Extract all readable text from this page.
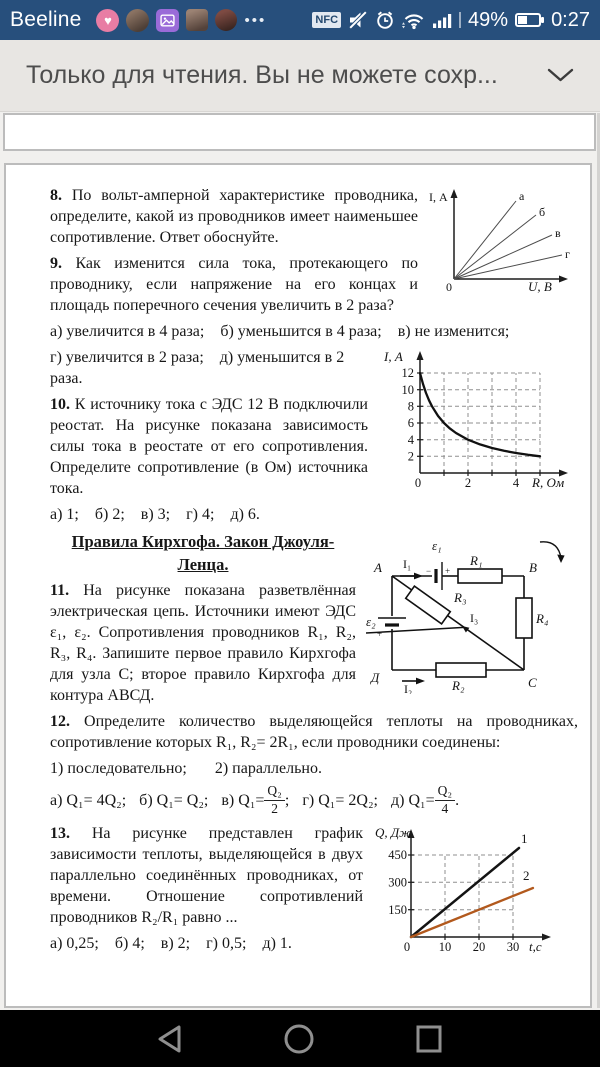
Beeline ♥	•••	NFC	49% 0:27
Только для чтения. Вы не можете сохр...
I, А	а
б
в
г
0	U, В

8. По вольт-амперной характеристике проводника, определите, какой из проводников имеет наименьшее сопротивление. Ответ обоснуйте.

9. Как изменится сила тока, протекающего по проводнику, если напряжение на его концах и площадь поперечного сечения увеличить в 2 раза?

а) увеличится в 4 раза; б) уменьшится в 4 раза; в) не изменится;

I, А
12
10
8
6
4
2
0	2	4 R, Ом

г) увеличится в 2 раза; д) уменьшится в 2 раза.

10. К источнику тока с ЭДС 12 В подключили реостат. На рисунке показана зависимость силы тока в реостате от его сопротивления. Определите сопротивление (в Ом) источника тока.

а) 1; б) 2; в) 3; г) 4; д) 6.

А	В
С
Д
ε₁
ε₂
− +
+
R₁
R₂
R₃
R₄
I₁
I₂
I₃
Правила Кирхгофа. Закон Джоуля-Ленца.

11. На рисунке показана разветвлённая электрическая цепь. Источники имеют ЭДС ε₁, ε₂. Сопротивления проводников R₁, R₂, R₃, R₄. Запишите первое правило Кирхгофа для узла С; второе правило Кирхгофа для контура АВСД.

12. Определите количество выделяющейся теплоты на проводниках, сопротивление которых R₁, R₂= 2R₁, если проводники соединены:

1) последовательно;   2) параллельно.

а) Q₁= 4Q₂; б) Q₁= Q₂; в) $Q_1= \frac{\text{Q₂}}{2}$ ; г) Q₁= 2Q₂; д) $Q_1= \frac{\text{Q₂}}{4}$ .
Q, Дж
450
300
150
0 10 20 30 t,с
1
2

13. На рисунке представлен график зависимости теплоты, выделяющейся в двух параллельно соединённых проводниках, от времени. Отношение сопротивлений проводников R₂/R₁ равно ...

а) 0,25; б) 4; в) 2; г) 0,5; д) 1.
